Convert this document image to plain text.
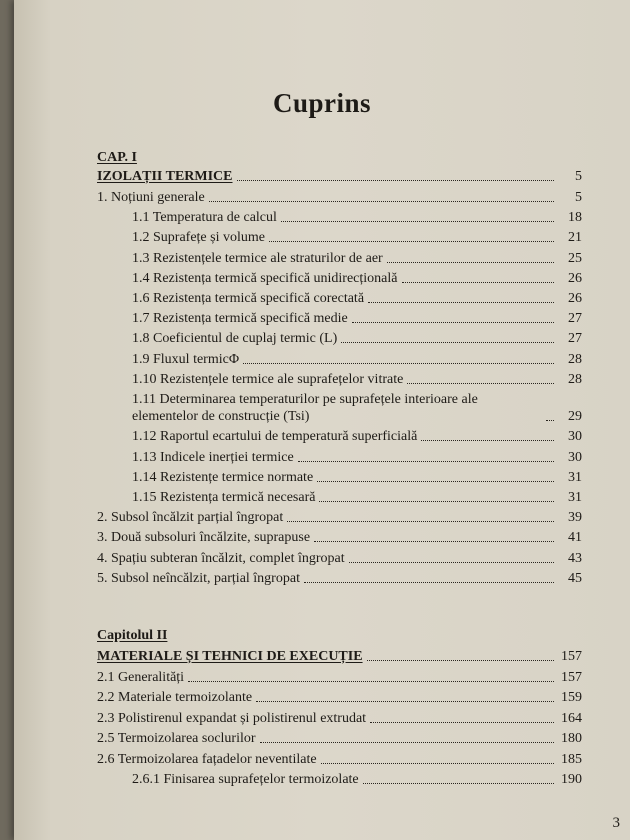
Cuprins
CAP. I
IZOLAȚII TERMICE	5
1. Noțiuni generale	5
1.1 Temperatura de calcul	18
1.2 Suprafețe și volume	21
1.3 Rezistențele termice ale straturilor de aer	25
1.4 Rezistența termică specifică unidirecțională	26
1.6 Rezistența termică specifică corectată	26
1.7 Rezistența termică specifică medie	27
1.8 Coeficientul de cuplaj termic (L)	27
1.9 Fluxul termicΦ	28
1.10 Rezistențele termice ale suprafețelor vitrate	28
1.11 Determinarea temperaturilor pe suprafețele interioare ale elementelor de construcție (Tsi)	29
1.12 Raportul ecartului de temperatură superficială	30
1.13 Indicele inerției termice	30
1.14 Rezistențe termice normate	31
1.15 Rezistența termică necesară	31
2. Subsol încălzit parțial îngropat	39
3. Două subsoluri încălzite, suprapuse	41
4. Spațiu subteran încălzit, complet îngropat	43
5. Subsol neîncălzit, parțial îngropat	45
Capitolul II
MATERIALE ȘI TEHNICI DE EXECUȚIE	157
2.1 Generalități	157
2.2 Materiale termoizolante	159
2.3 Polistirenul expandat și polistirenul extrudat	164
2.5 Termoizolarea soclurilor	180
2.6 Termoizolarea fațadelor neventilate	185
2.6.1 Finisarea suprafețelor termoizolate	190
3
